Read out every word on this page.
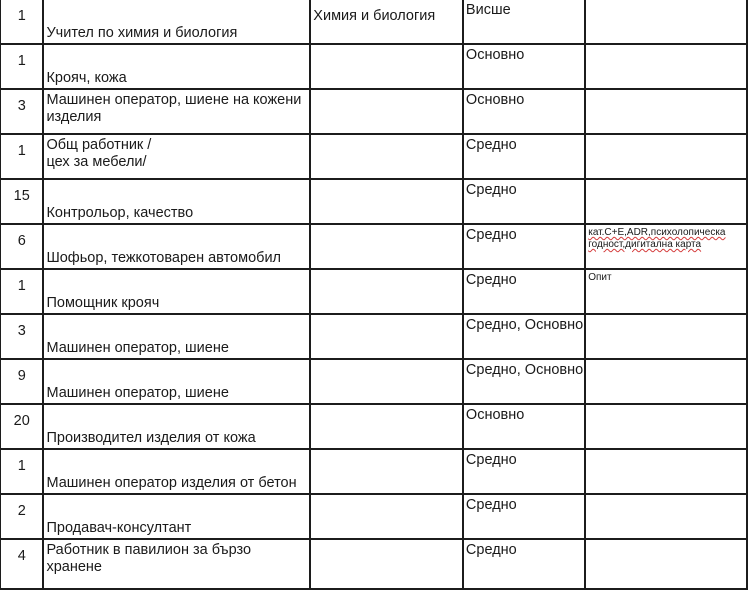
1	Учител по химия и биология	Химия и биология	Висше	

1	Крояч, кожа		Основно	

3	Машинен оператор, шиене на кожени изделия		Основно	

1	Общ работник /цех за мебели/		Средно	

15	Контрольор, качество		Средно	

6	Шофьор, тежкотоварен автомобил		Средно	кат.C+E,ADR,психолопическа годност,дигитална карта

1	Помощник крояч		Средно	Опит

3	Машинен оператор, шиене		Средно, Основно	

9	Машинен оператор, шиене		Средно, Основно	

20	Производител изделия от кожа		Основно	

1	Машинен оператор изделия от бетон		Средно	

2	Продавач-консултант		Средно	

4	Работник в павилион за бързо хранене		Средно	
